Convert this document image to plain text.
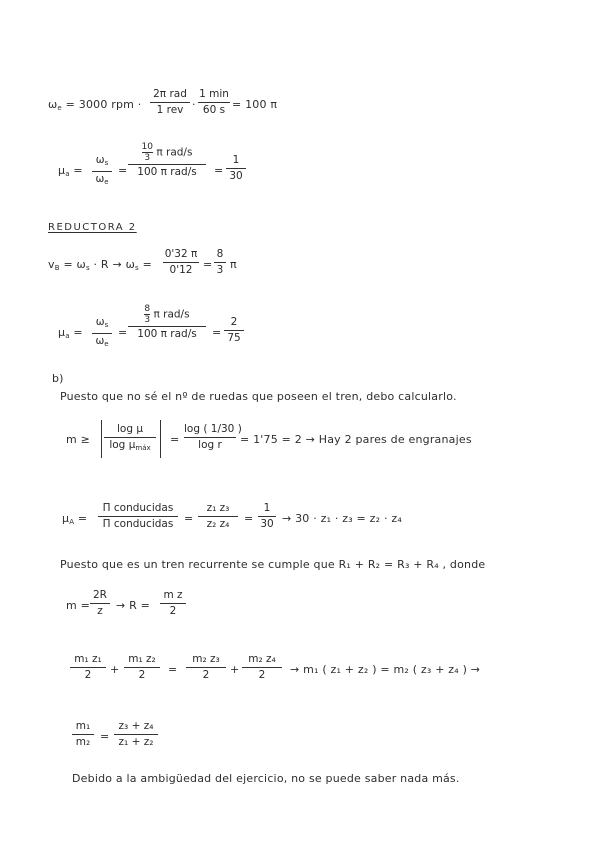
$\omega_e = 3000$ rpm ·
2π rad
1 rev ·
1 min
60 s = 100 π
$\mu_a$ =
$\omega_s$
$\omega_e$
=
$\frac{10}{3}$ π rad/s
100 π rad/s	=
1
30
REDUCTORA 2
$v_B = \omega_s \cdot R \to \omega_s$ =
0'32 π
0'12 =
8
3 π
$\mu_a$ =
$\omega_s$
$\omega_e$
=
$\frac{8}{3}$ π rad/s
100 π rad/s	=
2
75
b)
Puesto que no sé el nº de ruedas que poseen el tren, debo calcularlo.
m ≥
log μ
$\log \mu_{máx}$
=
log ( 1/30 )
log r	= 1'75 = 2 → Hay 2 pares de engranajes
$\mu_A$ =
Π conducidas
Π conducidas =
z₁ z₃
z₂ z₄	=
1
30 → 30 · z₁ · z₃ = z₂ · z₄
Puesto que es un tren recurrente se cumple que R₁ + R₂ = R₃ + R₄ , donde
m =
2R
z	→ R =
m z
2
m₁ z₁
2	+
m₁ z₂
2	=
m₂ z₃
2	+
m₂ z₄
2	→ m₁ ( z₁ + z₂ ) = m₂ ( z₃ + z₄ ) →
m₁
m₂ =
z₃ + z₄
z₁ + z₂
Debido a la ambigüedad del ejercicio, no se puede saber nada más.
